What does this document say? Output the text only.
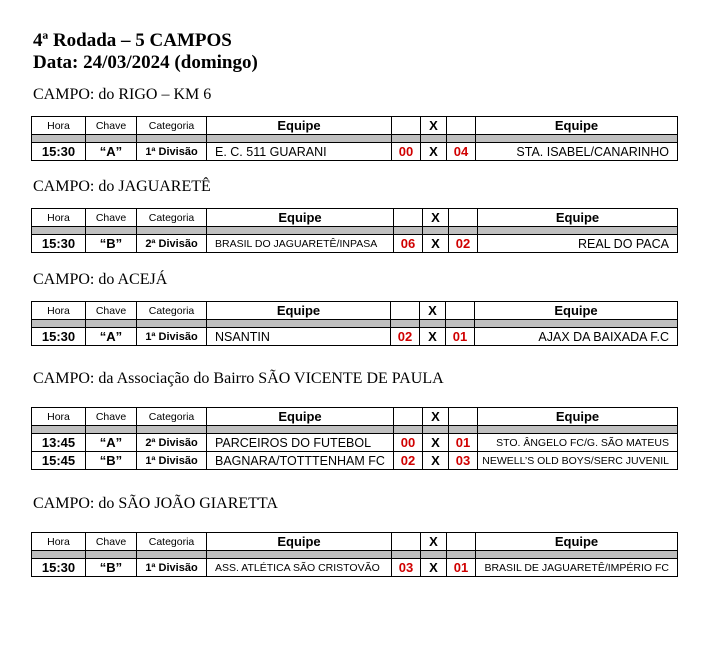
4ª Rodada – 5 CAMPOS
Data: 24/03/2024 (domingo)
CAMPO: do RIGO – KM 6
Hora	Chave	Categoria	Equipe		X		Equipe

15:30	“A”	1ª Divisão	E. C. 511 GUARANI	00	X	04	STA. ISABEL/CANARINHO
CAMPO: do JAGUARETÊ
Hora	Chave	Categoria	Equipe		X		Equipe

15:30	“B”	2ª Divisão	BRASIL DO JAGUARETÊ/INPASA	06	X	02	REAL DO PACA
CAMPO: do ACEJÁ
Hora	Chave	Categoria	Equipe		X		Equipe

15:30	“A”	1ª Divisão	NSANTIN	02	X	01	AJAX DA BAIXADA F.C
CAMPO: da Associação do Bairro SÃO VICENTE DE PAULA
Hora	Chave	Categoria	Equipe		X		Equipe

13:45	“A”	2ª Divisão	PARCEIROS DO FUTEBOL	00	X	01	STO. ÂNGELO FC/G. SÃO MATEUS
15:45	“B”	1ª Divisão	BAGNARA/TOTTTENHAM FC	02	X	03	NEWELL’S OLD BOYS/SERC JUVENIL
CAMPO: do SÃO JOÃO GIARETTA
Hora	Chave	Categoria	Equipe		X		Equipe

15:30	“B”	1ª Divisão	ASS. ATLÉTICA SÃO CRISTOVÃO	03	X	01	BRASIL DE JAGUARETÊ/IMPÉRIO FC
